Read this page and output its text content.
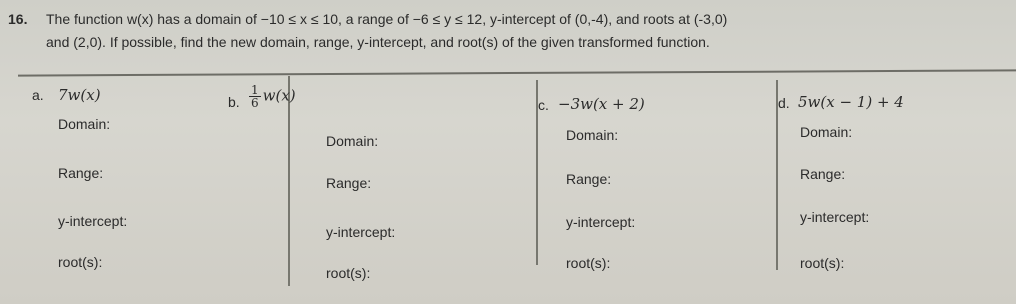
16. The function w(x) has a domain of −10 ≤ x ≤ 10, a range of −6 ≤ y ≤ 12, y-intercept of (0,-4), and roots at (-3,0)
and (2,0). If possible, find the new domain, range, y-intercept, and root(s) of the given transformed function.
a. 7w(x)
Domain:
Range:
y-intercept:
root(s):
b. $\frac{1}{6} w(x)$
Domain:
Range:
y-intercept:
root(s):
c. −3w(x + 2)
Domain:
Range:
y-intercept:
root(s):
d. 5w(x − 1) + 4
Domain:
Range:
y-intercept:
root(s):
